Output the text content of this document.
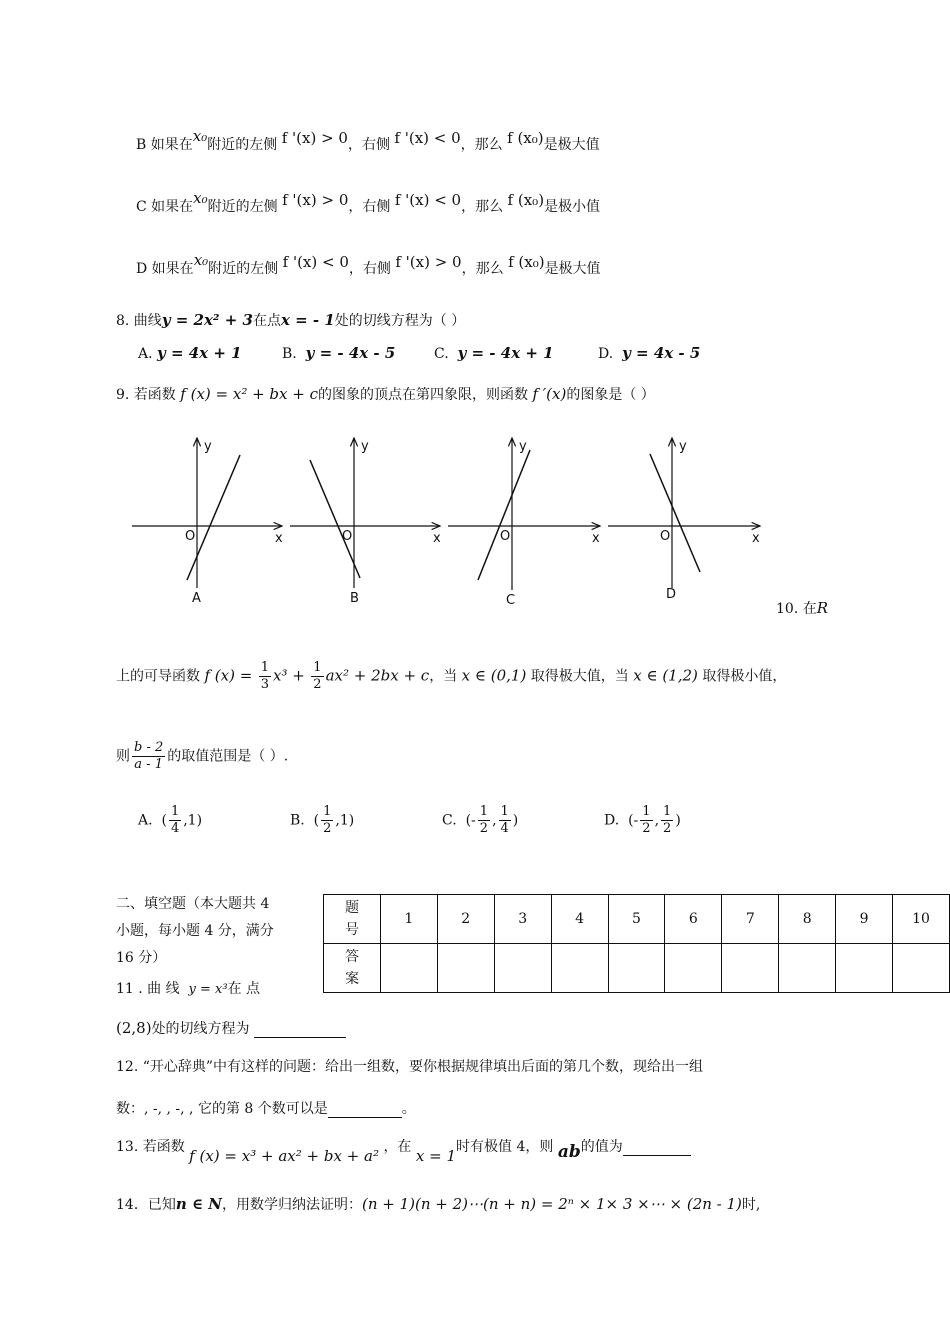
B 如果在x₀附近的左侧 f '(x) > 0，右侧 f '(x) < 0，那么 f (x₀)是极大值
C 如果在x₀附近的左侧 f '(x) > 0，右侧 f '(x) < 0，那么 f (x₀)是极小值
D 如果在x₀附近的左侧 f '(x) < 0，右侧 f '(x) > 0，那么 f (x₀)是极大值
8. 曲线y = 2x² + 3在点x = - 1处的切线方程为（ ）
A. y = 4x + 1	B. y = - 4x - 5	C. y = - 4x + 1	D. y = 4x - 5
9. 若函数 f (x) = x² + bx + c的图象的顶点在第四象限，则函数 f ′(x)的图象是（ ）
y
x
O
A
y
x
O
B
y
x
O
C
y
x
O
D
10. 在R
上的可导函数 f $(x) = \frac{1}{3} x^3 + \frac{1}{2} ax^2 + 2bx + c$，当 x ∈ (0,1) 取得极大值，当 x ∈ (1,2) 取得极小值，
则 $\frac{b - 2}{a - 1}$ 的取值范围是（ ）.
A. ( $\frac{1}{4} ,1$)	B. ( $\frac{1}{2} ,1$)	C. (- $\frac{1}{2}$ , $\frac{1}{4}$ )	D. (- $\frac{1}{2}$ , $\frac{1}{2}$ )
二、填空题（本大题共 4
小题，每小题 4 分，满分
16 分）
题
号	1	2	3	4	5	6	7	8	9	10

答
案										

11 . 曲 线 y = x³在 点
(2,8)处的切线方程为
12. “开心辞典”中有这样的问题：给出一组数，要你根据规律填出后面的第几个数，现给出一组
数：, -, , -, , 它的第 8 个数可以是	。
13. 若函数 f (x) = x³ + ax² + bx + a² ，在 x = 1时有极值 4，则 ab的值为
14．已知n ∈ N，用数学归纳法证明：(n + 1)(n + 2)⋯(n + n) = 2ⁿ × 1× 3 ×⋯ × (2n - 1)时,
